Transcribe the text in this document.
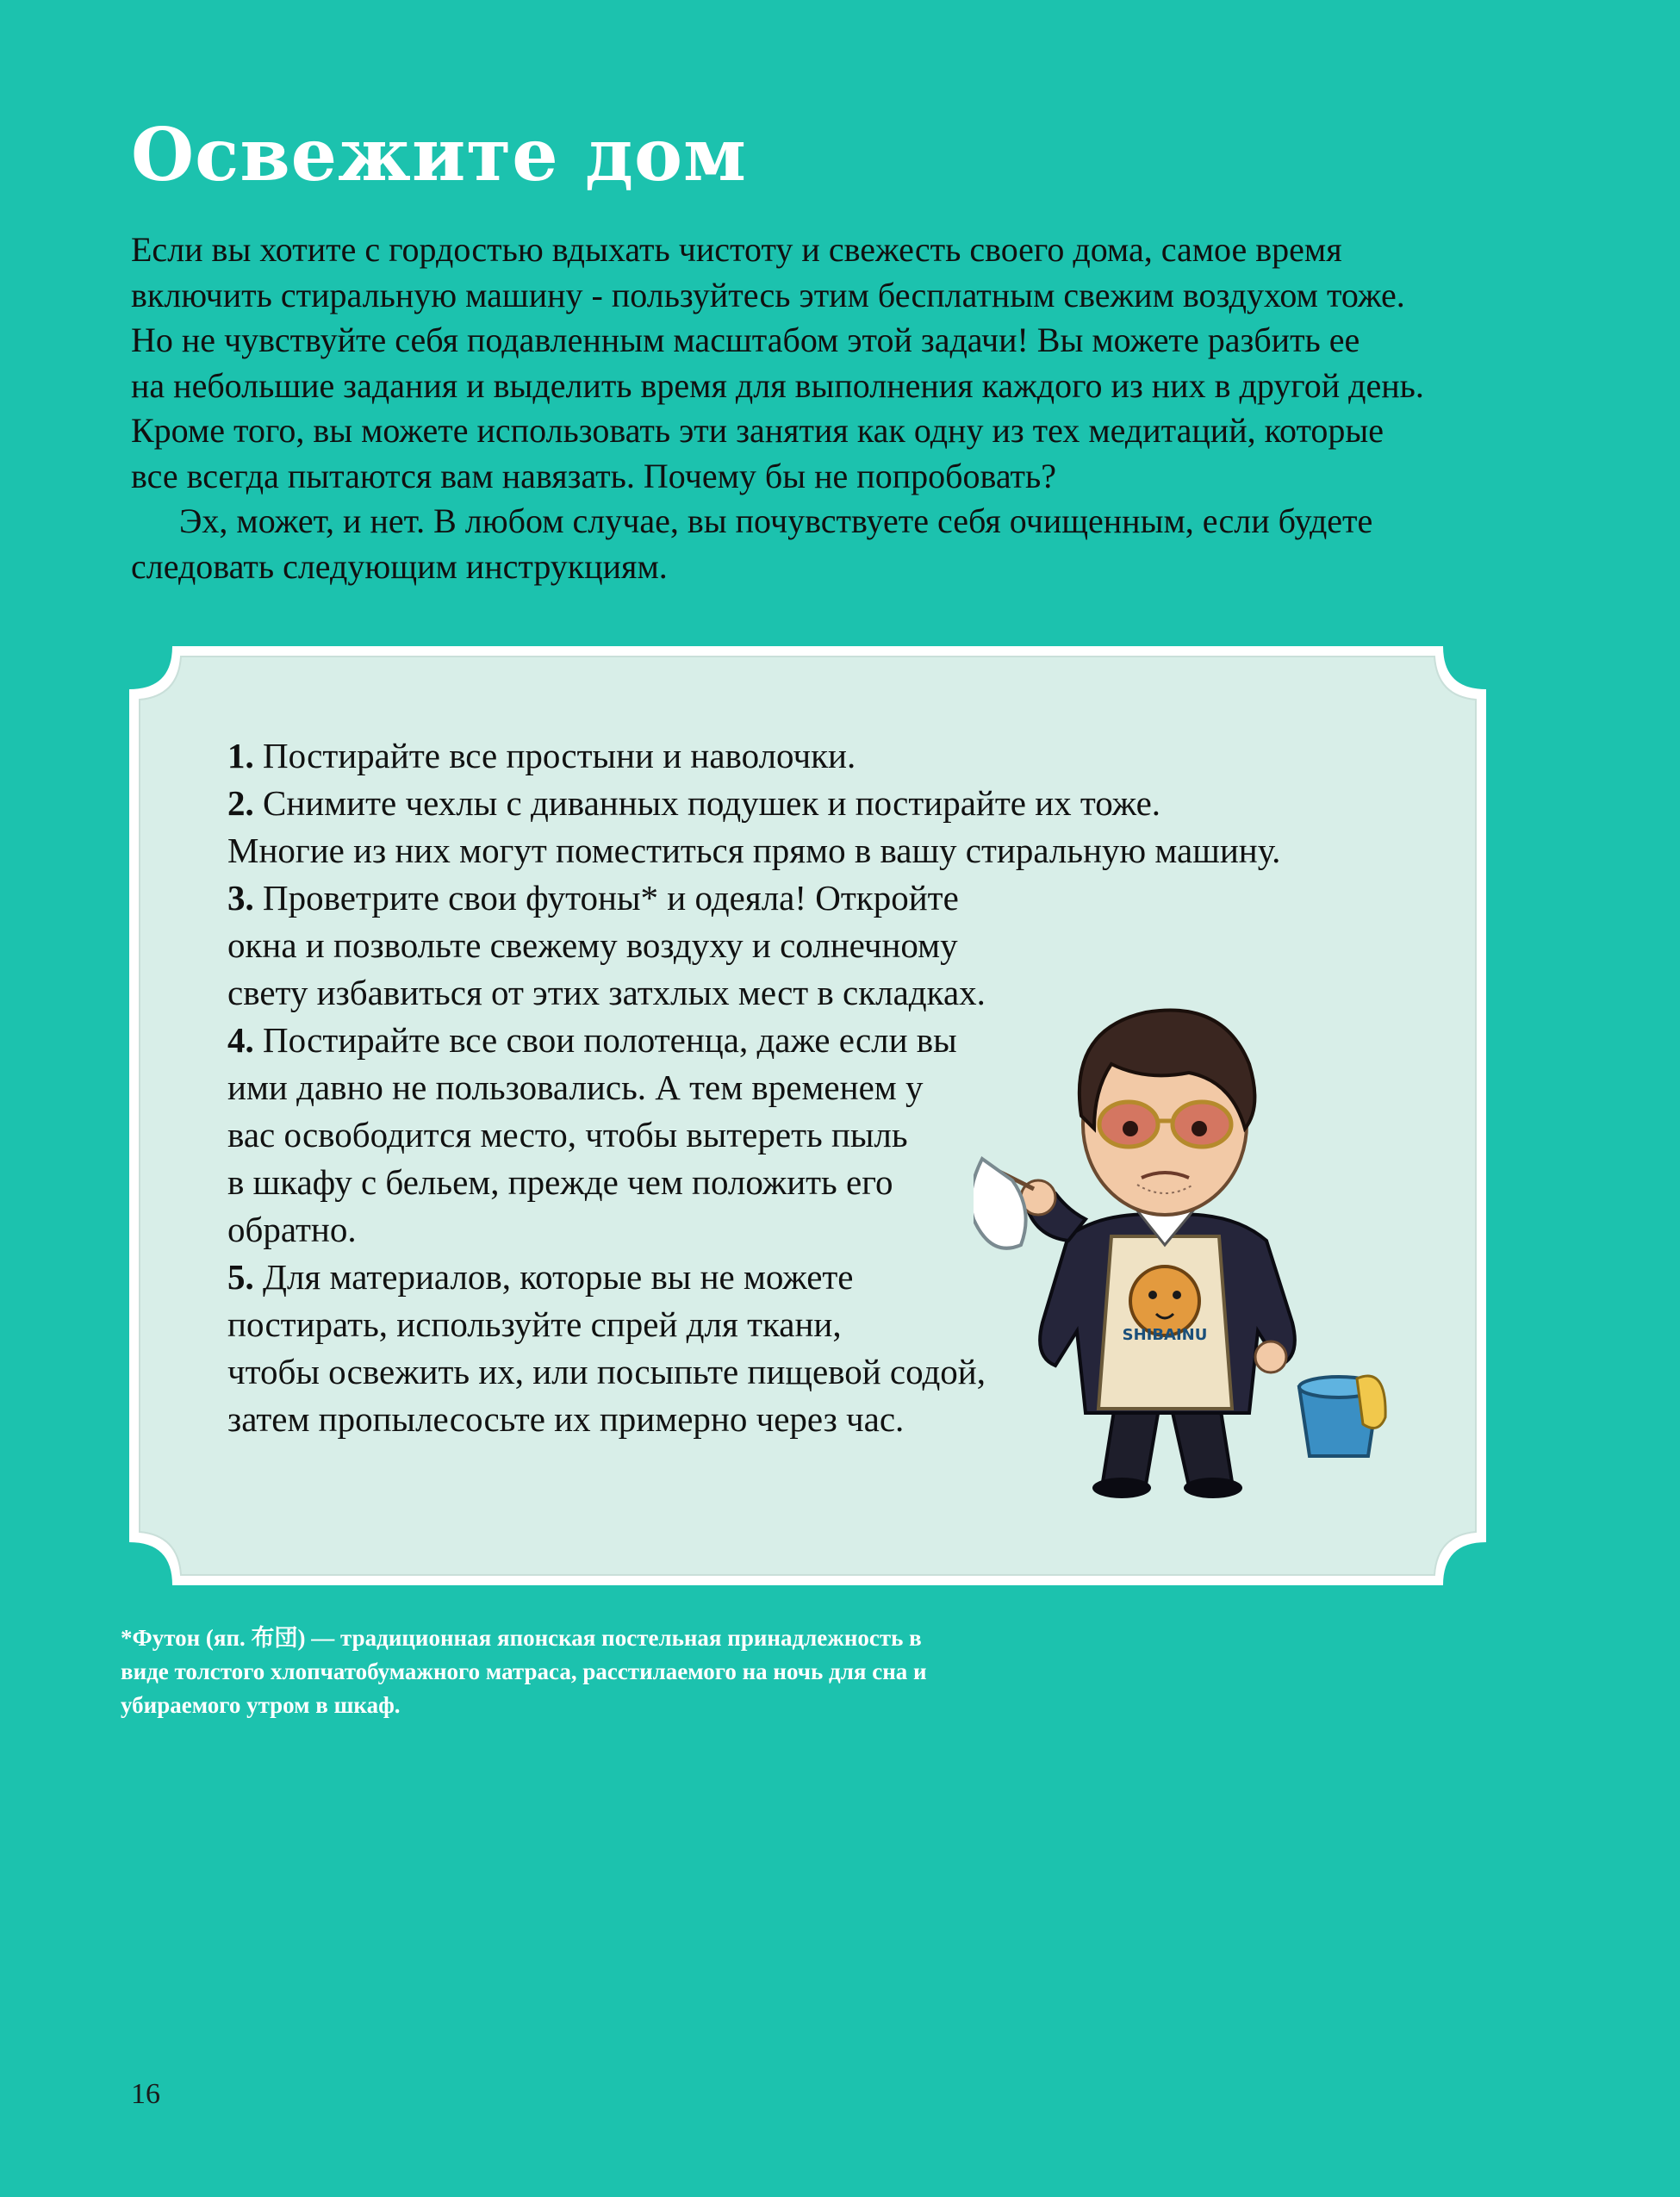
Освежите дом
Если вы хотите с гордостью вдыхать чистоту и свежесть своего дома, самое время
включить стиральную машину - пользуйтесь этим бесплатным свежим воздухом тоже.
Но не чувствуйте себя подавленным масштабом этой задачи! Вы можете разбить ее
на небольшие задания и выделить время для выполнения каждого из них в другой день.
Кроме того, вы можете использовать эти занятия как одну из тех медитаций, которые
все всегда пытаются вам навязать. Почему бы не попробовать?
Эх, может, и нет. В любом случае, вы почувствуете себя очищенным, если будете
следовать следующим инструкциям.
1. Постирайте все простыни и наволочки.
2. Снимите чехлы с диванных подушек и постирайте их тоже.
Многие из них могут поместиться прямо в вашу стиральную машину.
3. Проветрите свои футоны* и одеяла! Откройте
окна и позвольте свежему воздуху и солнечному
свету избавиться от этих затхлых мест в складках.
4. Постирайте все свои полотенца, даже если вы
ими давно не пользовались. А тем временем у
вас освободится место, чтобы вытереть пыль
в шкафу с бельем, прежде чем положить его
обратно.
5. Для материалов, которые вы не можете
постирать, используйте спрей для ткани,
чтобы освежить их, или посыпьте пищевой содой,
затем пропылесосьте их примерно через час.
SHIBAINU
*Футон (яп. 布団) — традиционная японская постельная принадлежность в
виде толстого хлопчатобумажного матраса, расстилаемого на ночь для сна и
убираемого утром в шкаф.
16
